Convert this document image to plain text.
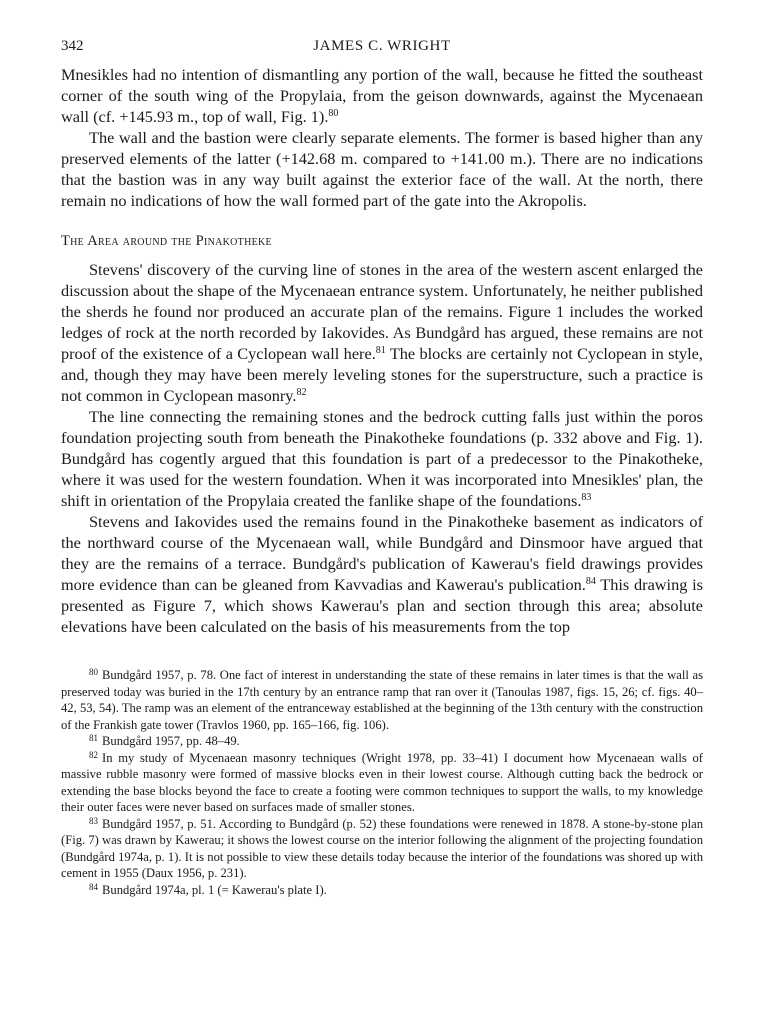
342	JAMES C. WRIGHT

Mnesikles had no intention of dismantling any portion of the wall, because he fitted the southeast corner of the south wing of the Propylaia, from the geison downwards, against the Mycenaean wall (cf. +145.93 m., top of wall, Fig. 1).$^{80}$

The wall and the bastion were clearly separate elements. The former is based higher than any preserved elements of the latter (+142.68 m. compared to +141.00 m.). There are no indications that the bastion was in any way built against the exterior face of the wall. At the north, there remain no indications of how the wall formed part of the gate into the Akropolis.

The Area around the Pinakotheke

Stevens' discovery of the curving line of stones in the area of the western ascent enlarged the discussion about the shape of the Mycenaean entrance system. Unfortunately, he neither published the sherds he found nor produced an accurate plan of the remains. Figure 1 includes the worked ledges of rock at the north recorded by Iakovides. As Bundgård has argued, these remains are not proof of the existence of a Cyclopean wall here.$^{81}$ The blocks are certainly not Cyclopean in style, and, though they may have been merely leveling stones for the superstructure, such a practice is not common in Cyclopean masonry.$^{82}$

The line connecting the remaining stones and the bedrock cutting falls just within the poros foundation projecting south from beneath the Pinakotheke foundations (p. 332 above and Fig. 1). Bundgård has cogently argued that this foundation is part of a predecessor to the Pinakotheke, where it was used for the western foundation. When it was incorporated into Mnesikles' plan, the shift in orientation of the Propylaia created the fanlike shape of the foundations.$^{83}$

Stevens and Iakovides used the remains found in the Pinakotheke basement as indicators of the northward course of the Mycenaean wall, while Bundgård and Dinsmoor have argued that they are the remains of a terrace. Bundgård's publication of Kawerau's field drawings provides more evidence than can be gleaned from Kavvadias and Kawerau's publication.$^{84}$ This drawing is presented as Figure 7, which shows Kawerau's plan and section through this area; absolute elevations have been calculated on the basis of his measurements from the top

$^{80}$ Bundgård 1957, p. 78. One fact of interest in understanding the state of these remains in later times is that the wall as preserved today was buried in the 17th century by an entrance ramp that ran over it (Tanoulas 1987, figs. 15, 26; cf. figs. 40–42, 53, 54). The ramp was an element of the entranceway established at the beginning of the 13th century with the construction of the Frankish gate tower (Travlos 1960, pp. 165–166, fig. 106).

$^{81}$ Bundgård 1957, pp. 48–49.

$^{82}$ In my study of Mycenaean masonry techniques (Wright 1978, pp. 33–41) I document how Mycenaean walls of massive rubble masonry were formed of massive blocks even in their lowest course. Although cutting back the bedrock or extending the base blocks beyond the face to create a footing were common techniques to support the walls, to my knowledge their outer faces were never based on surfaces made of smaller stones.

$^{83}$ Bundgård 1957, p. 51. According to Bundgård (p. 52) these foundations were renewed in 1878. A stone-by-stone plan (Fig. 7) was drawn by Kawerau; it shows the lowest course on the interior following the alignment of the projecting foundation (Bundgård 1974a, p. 1). It is not possible to view these details today because the interior of the foundations was shored up with cement in 1955 (Daux 1956, p. 231).

$^{84}$ Bundgård 1974a, pl. 1 (= Kawerau's plate I).
